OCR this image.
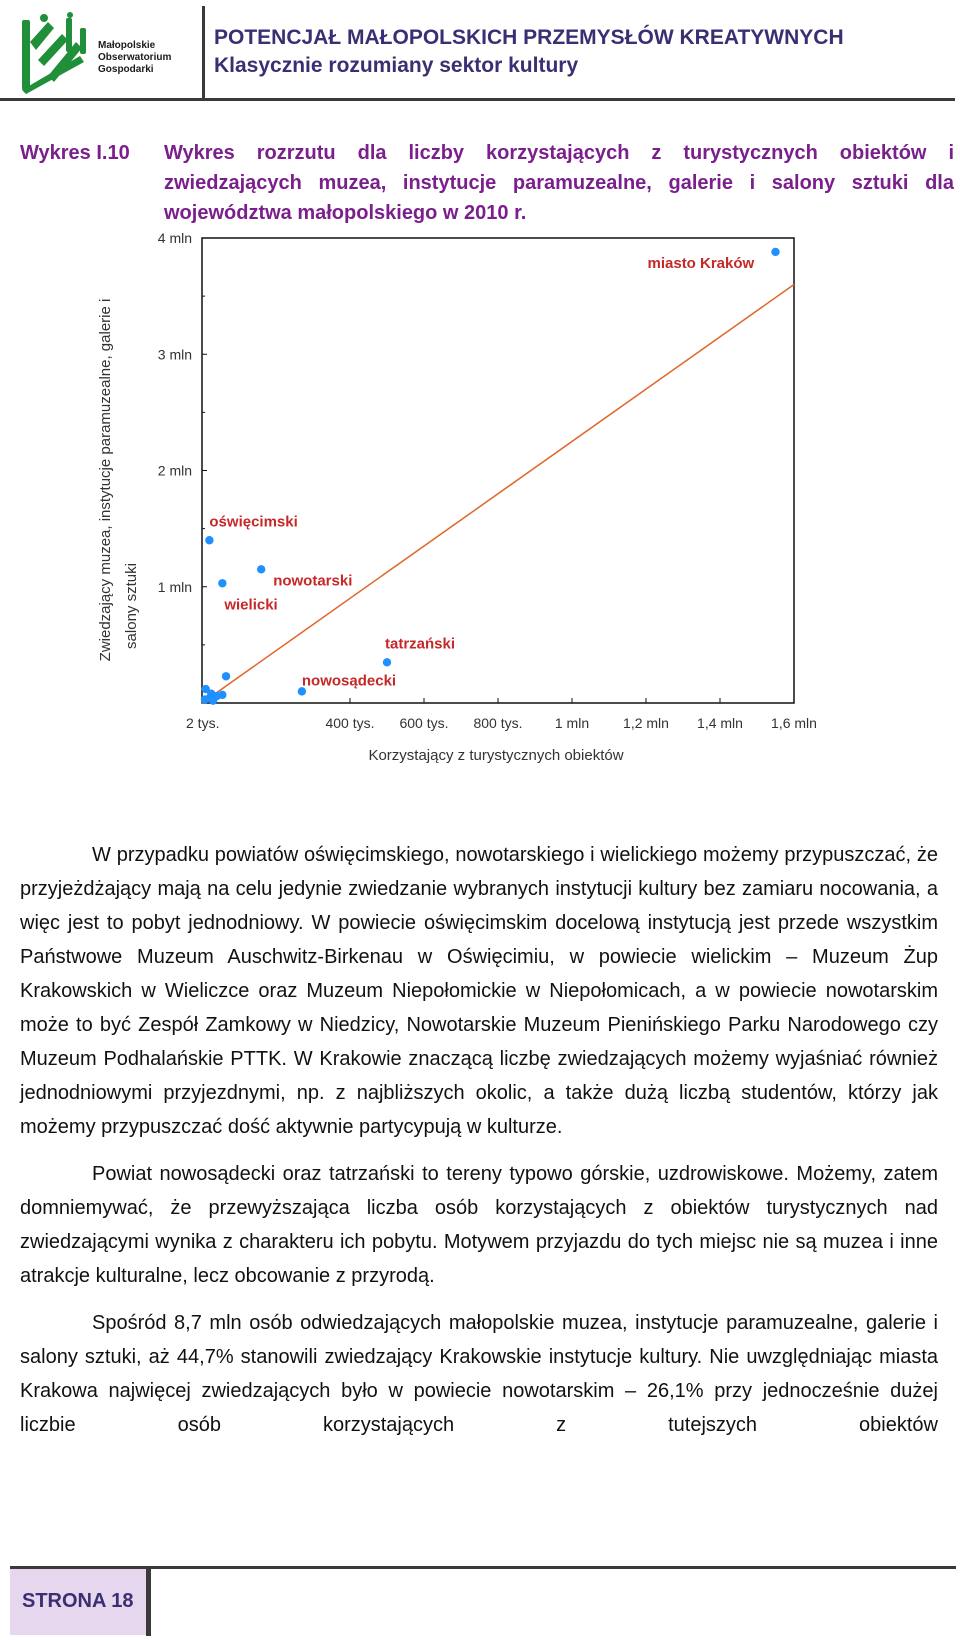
Małopolskie
Obserwatorium
Gospodarki
POTENCJAŁ MAŁOPOLSKICH PRZEMYSŁÓW KREATYWNYCH
Klasycznie rozumiany sektor kultury
Wykres I.10 Wykres rozrzutu dla liczby korzystających z turystycznych obiektów i zwiedzających muzea, instytucje paramuzealne, galerie i salony sztuki dla województwa małopolskiego w 2010 r.
Zwiedzający muzea, instytucje paramuzealne, galerie i salony sztuki
Korzystający z turystycznych obiektów
1 mln
2 mln
3 mln
4 mln
2 tys.	400 tys. 600 tys. 800 tys. 1 mln 1,2 mln 1,4 mln 1,6 mln
miasto Kraków
oświęcimski
nowotarski
wielicki
tatrzański
nowosądecki

W przypadku powiatów oświęcimskiego, nowotarskiego i wielickiego możemy przypuszczać, że przyjeżdżający mają na celu jedynie zwiedzanie wybranych instytucji kultury bez zamiaru nocowania, a więc jest to pobyt jednodniowy. W powiecie oświęcimskim docelową instytucją jest przede wszystkim Państwowe Muzeum Auschwitz-Birkenau w Oświęcimiu, w powiecie wielickim – Muzeum Żup Krakowskich w Wieliczce oraz Muzeum Niepołomickie w Niepołomicach, a w powiecie nowotarskim może to być Zespół Zamkowy w Niedzicy, Nowotarskie Muzeum Pienińskiego Parku Narodowego czy Muzeum Podhalańskie PTTK. W Krakowie znaczącą liczbę zwiedzających możemy wyjaśniać również jednodniowymi przyjezdnymi, np. z najbliższych okolic, a także dużą liczbą studentów, którzy jak możemy przypuszczać dość aktywnie partycypują w kulturze.

Powiat nowosądecki oraz tatrzański to tereny typowo górskie, uzdrowiskowe. Możemy, zatem domniemywać, że przewyższająca liczba osób korzystających z obiektów turystycznych nad zwiedzającymi wynika z charakteru ich pobytu. Motywem przyjazdu do tych miejsc nie są muzea i inne atrakcje kulturalne, lecz obcowanie z przyrodą.

Spośród 8,7 mln osób odwiedzających małopolskie muzea, instytucje paramuzealne, galerie i salony sztuki, aż 44,7% stanowili zwiedzający Krakowskie instytucje kultury. Nie uwzględniając miasta Krakowa najwięcej zwiedzających było w powiecie nowotarskim – 26,1% przy jednocześnie dużej liczbie osób korzystających z tutejszych obiektów

STRONA 18
